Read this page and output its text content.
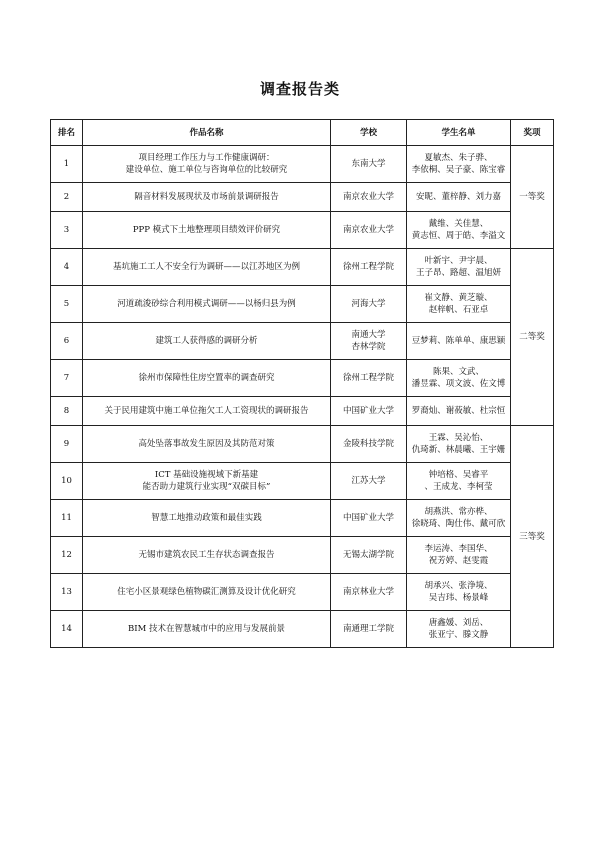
调查报告类
排名	作品名称	学校	学生名单	奖项
1	项目经理工作压力与工作健康调研：
建设单位、施工单位与咨询单位的比较研究	东南大学	夏敏杰、朱子骅、
李依桐、吴子豪、陈宝睿	一等奖
2	隔音材料发展现状及市场前景调研报告	南京农业大学	安昵、董梓静、刘力嘉	

3	PPP 模式下土地整理项目绩效评价研究	南京农业大学	戴维、关佳慧、
黄志恒、周于皓、李溢文	

4	基坑施工工人不安全行为调研——以江苏地区为例	徐州工程学院	叶新宇、尹宇晨、
王子昂、路超、温旭妍	二等奖
5	河道疏浚砂综合利用模式调研——以杨归县为例	河海大学	崔文静、黄芝璇、
赵梓帆、石亚卓	

6	建筑工人获得感的调研分析	南通大学
杏林学院	豆梦莉、陈单单、康思颖	

7	徐州市保障性住房空置率的调查研究	徐州工程学院	陈果、文武、
潘昱霖、项文波、佐文博	

8	关于民用建筑中施工单位拖欠工人工资现状的调研报告	中国矿业大学	罗裔灿、谢莜敏、杜宗恒	

9	高处坠落事故发生原因及其防范对策	金陵科技学院	王霖、吴沁怡、
仇琦新、林晨曦、王宇姗	三等奖
10	ICT 基础设施视域下新基建
能否助力建筑行业实现“双碳目标”	江苏大学	钟培格、吴睿平
、王成龙、李柯莹	

11	智慧工地推动政策和最佳实践	中国矿业大学	胡燕洪、常亦桦、
徐晓琦、陶仕伟、戴可欣	

12	无锡市建筑农民工生存状态调查报告	无锡太湖学院	李运涛、李国华、
祝芳婷、赵雯霞	

13	住宅小区景观绿色植物碳汇测算及设计优化研究	南京林业大学	胡承兴、张浄境、
吴吉玮、杨景峰	

14	BIM 技术在智慧城市中的应用与发展前景	南通理工学院	唐鑫媛、刘岳、
张亚宁、滕文静	
